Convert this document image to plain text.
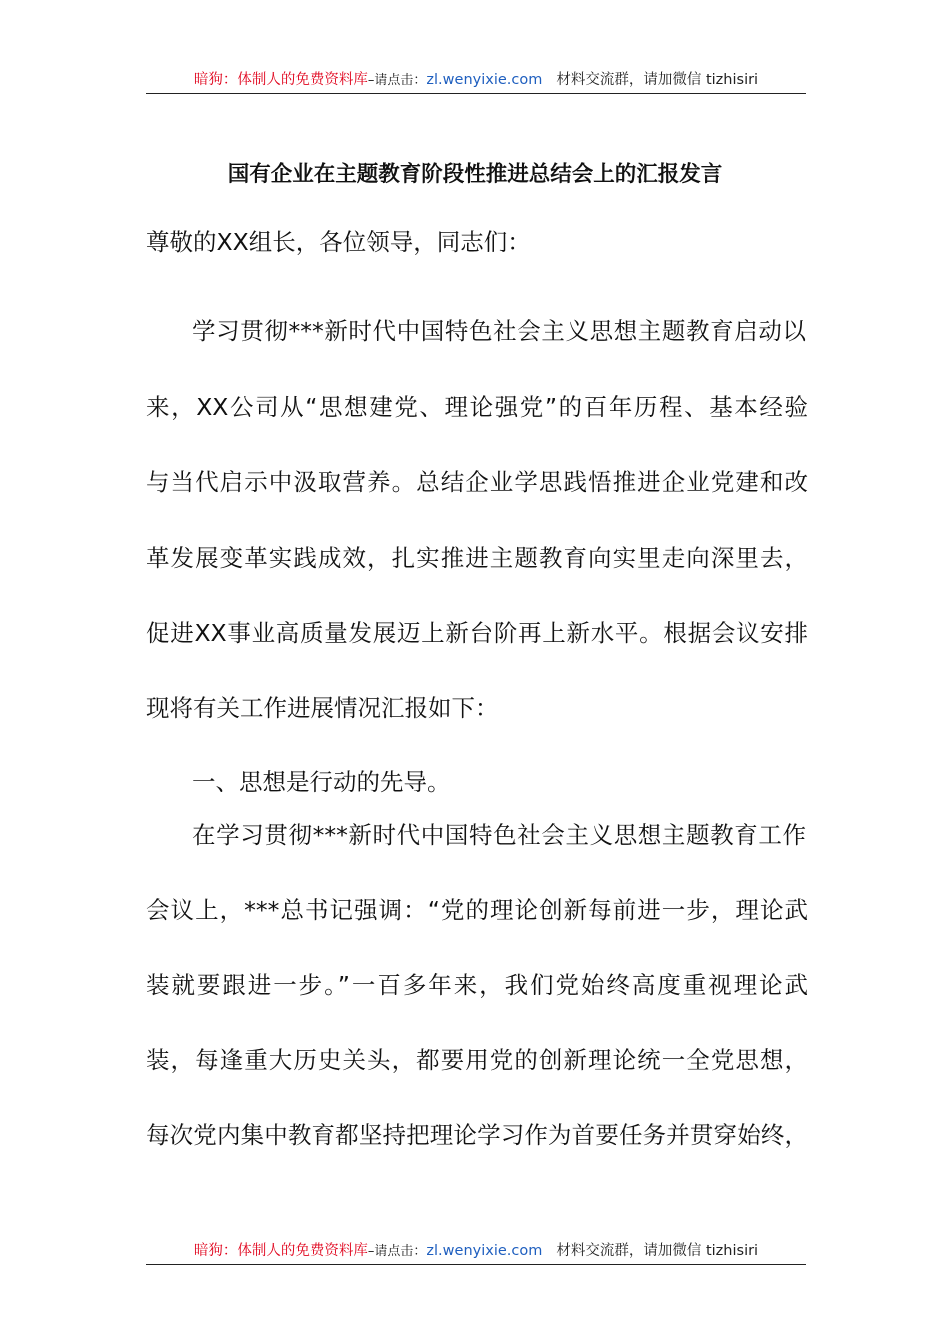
暗狗：体制人的免费资料库–请点击：zl.wenyixie.com 材料交流群，请加微信 tizhisiri
国有企业在主题教育阶段性推进总结会上的汇报发言
尊敬的XX组长，各位领导，同志们：
学习贯彻***新时代中国特色社会主义思想主题教育启动以
来，XX公司从“思想建党、理论强党”的百年历程、基本经验
与当代启示中汲取营养。总结企业学思践悟推进企业党建和改
革发展变革实践成效，扎实推进主题教育向实里走向深里去，
促进XX事业高质量发展迈上新台阶再上新水平。根据会议安排
现将有关工作进展情况汇报如下：
一、思想是行动的先导。
在学习贯彻***新时代中国特色社会主义思想主题教育工作
会议上，***总书记强调：“党的理论创新每前进一步，理论武
装就要跟进一步。”一百多年来，我们党始终高度重视理论武
装，每逢重大历史关头，都要用党的创新理论统一全党思想，
每次党内集中教育都坚持把理论学习作为首要任务并贯穿始终，
暗狗：体制人的免费资料库–请点击：zl.wenyixie.com 材料交流群，请加微信 tizhisiri
